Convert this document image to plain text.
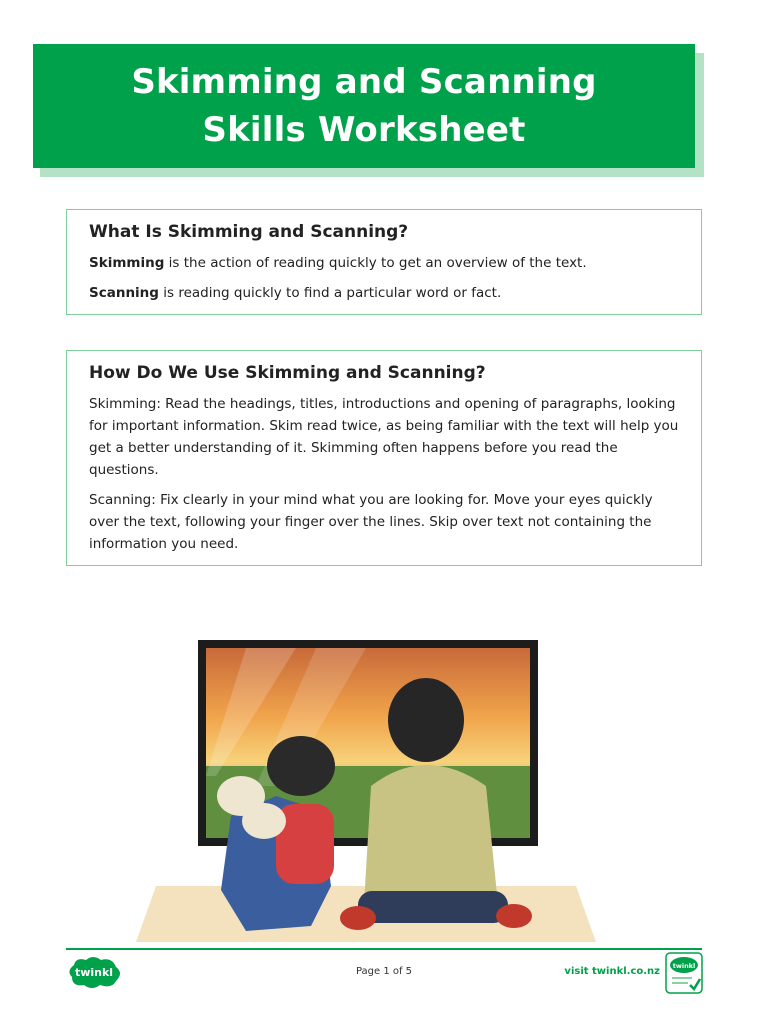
Skimming and Scanning
Skills Worksheet
What Is Skimming and Scanning?

Skimming is the action of reading quickly to get an overview of the text.

Scanning is reading quickly to find a particular word or fact.

How Do We Use Skimming and Scanning?

Skimming: Read the headings, titles, introductions and opening of paragraphs, looking for important information. Skim read twice, as being familiar with the text will help you get a better understanding of it. Skimming often happens before you read the questions.

Scanning: Fix clearly in your mind what you are looking for. Move your eyes quickly over the text, following your finger over the lines. Skip over text not containing the information you need.

twinkl	Page 1 of 5	visit twinkl.co.nz twinkl
